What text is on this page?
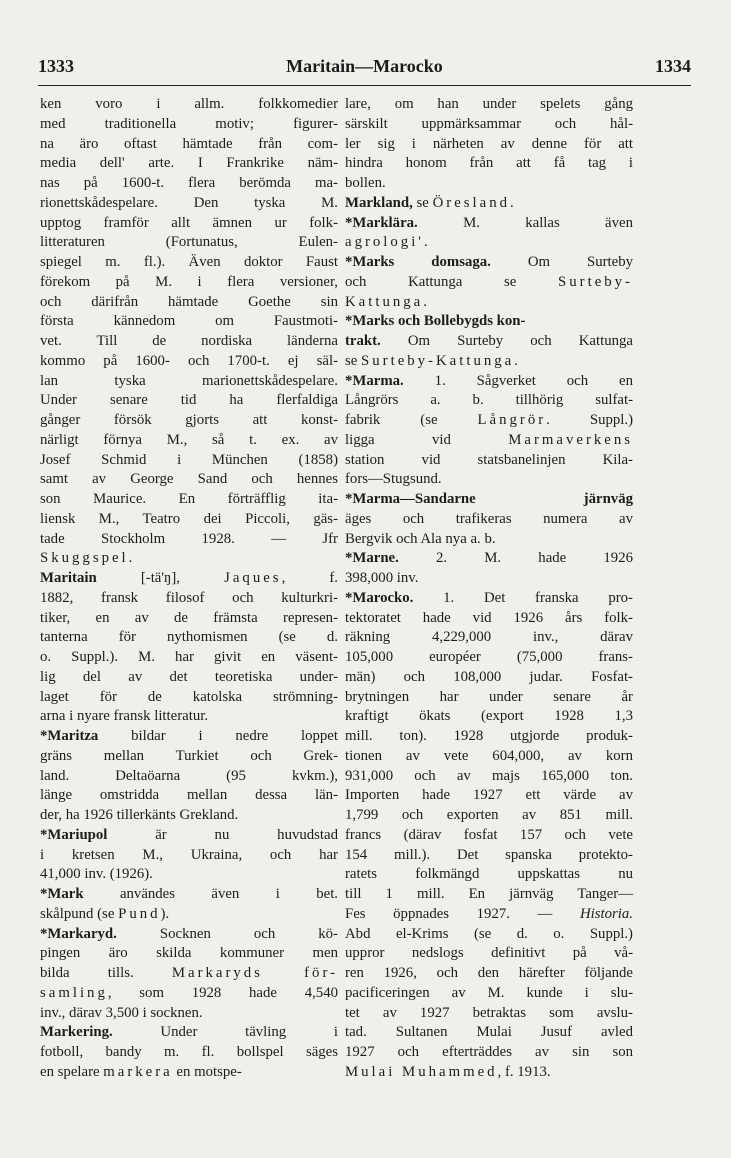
1333	Maritain—Marocko	1334
ken voro i allm. folkkomedier
med traditionella motiv; figurer-
na äro oftast hämtade från com-
media dell' arte. I Frankrike näm-
nas på 1600-t. flera berömda ma-
rionettskådespelare. Den tyska M.
upptog framför allt ämnen ur folk-
litteraturen (Fortunatus, Eulen-
spiegel m. fl.). Även doktor Faust
förekom på M. i flera versioner,
och därifrån hämtade Goethe sin
första kännedom om Faustmoti-
vet. Till de nordiska länderna
kommo på 1600- och 1700-t. ej säl-
lan tyska marionettskådespelare.
Under senare tid ha flerfaldiga
gånger försök gjorts att konst-
närligt förnya M., så t. ex. av
Josef Schmid i München (1858)
samt av George Sand och hennes
son Maurice. En förträfflig ita-
liensk M., Teatro dei Piccoli, gäs-
tade Stockholm 1928. — Jfr
Skuggspel.
Maritain [-tä'ŋ], Jaques, f.
1882, fransk filosof och kulturkri-
tiker, en av de främsta represen-
tanterna för nythomismen (se d.
o. Suppl.). M. har givit en väsent-
lig del av det teoretiska under-
laget för de katolska strömning-
arna i nyare fransk litteratur.
*Maritza bildar i nedre loppet
gräns mellan Turkiet och Grek-
land. Deltaöarna (95 kvkm.),
länge omstridda mellan dessa län-
der, ha 1926 tillerkänts Grekland.
*Mariupol är nu huvudstad
i kretsen M., Ukraina, och har
41,000 inv. (1926).
*Mark användes även i bet.
skålpund (se Pund).
*Markaryd. Socknen och kö-
pingen äro skilda kommuner men
bilda tills. Markaryds för-
samling, som 1928 hade 4,540
inv., därav 3,500 i socknen.
Markering. Under tävling i
fotboll, bandy m. fl. bollspel säges
en spelare markera en motspe-
lare, om han under spelets gång
särskilt uppmärksammar och hål-
ler sig i närheten av denne för att
hindra honom från att få tag i
bollen.
Markland, se Öresland.
*Marklära. M. kallas även
agrologi'.
*Marks domsaga. Om Surteby
och Kattunga se Surteby-
Kattunga.
*Marks och Bollebygds kon-
trakt. Om Surteby och Kattunga
se Surteby-Kattunga.
*Marma. 1. Sågverket och en
Långrörs a. b. tillhörig sulfat-
fabrik (se Långrör. Suppl.)
ligga vid Marmaverkens
station vid statsbanelinjen Kila-
fors—Stugsund.
*Marma—Sandarne järnväg
äges och trafikeras numera av
Bergvik och Ala nya a. b.
*Marne. 2. M. hade 1926
398,000 inv.
*Marocko. 1. Det franska pro-
tektoratet hade vid 1926 års folk-
räkning 4,229,000 inv., därav
105,000 européer (75,000 frans-
män) och 108,000 judar. Fosfat-
brytningen har under senare år
kraftigt ökats (export 1928 1,3
mill. ton). 1928 utgjorde produk-
tionen av vete 604,000, av korn
931,000 och av majs 165,000 ton.
Importen hade 1927 ett värde av
1,799 och exporten av 851 mill.
francs (därav fosfat 157 och vete
154 mill.). Det spanska protekto-
ratets folkmängd uppskattas nu
till 1 mill. En järnväg Tanger—
Fes öppnades 1927. — Historia.
Abd el-Krims (se d. o. Suppl.)
uppror nedslogs definitivt på vå-
ren 1926, och den härefter följande
pacificeringen av M. kunde i slu-
tet av 1927 betraktas som avslu-
tad. Sultanen Mulai Jusuf avled
1927 och efterträddes av sin son
Mulai Muhammed, f. 1913.
